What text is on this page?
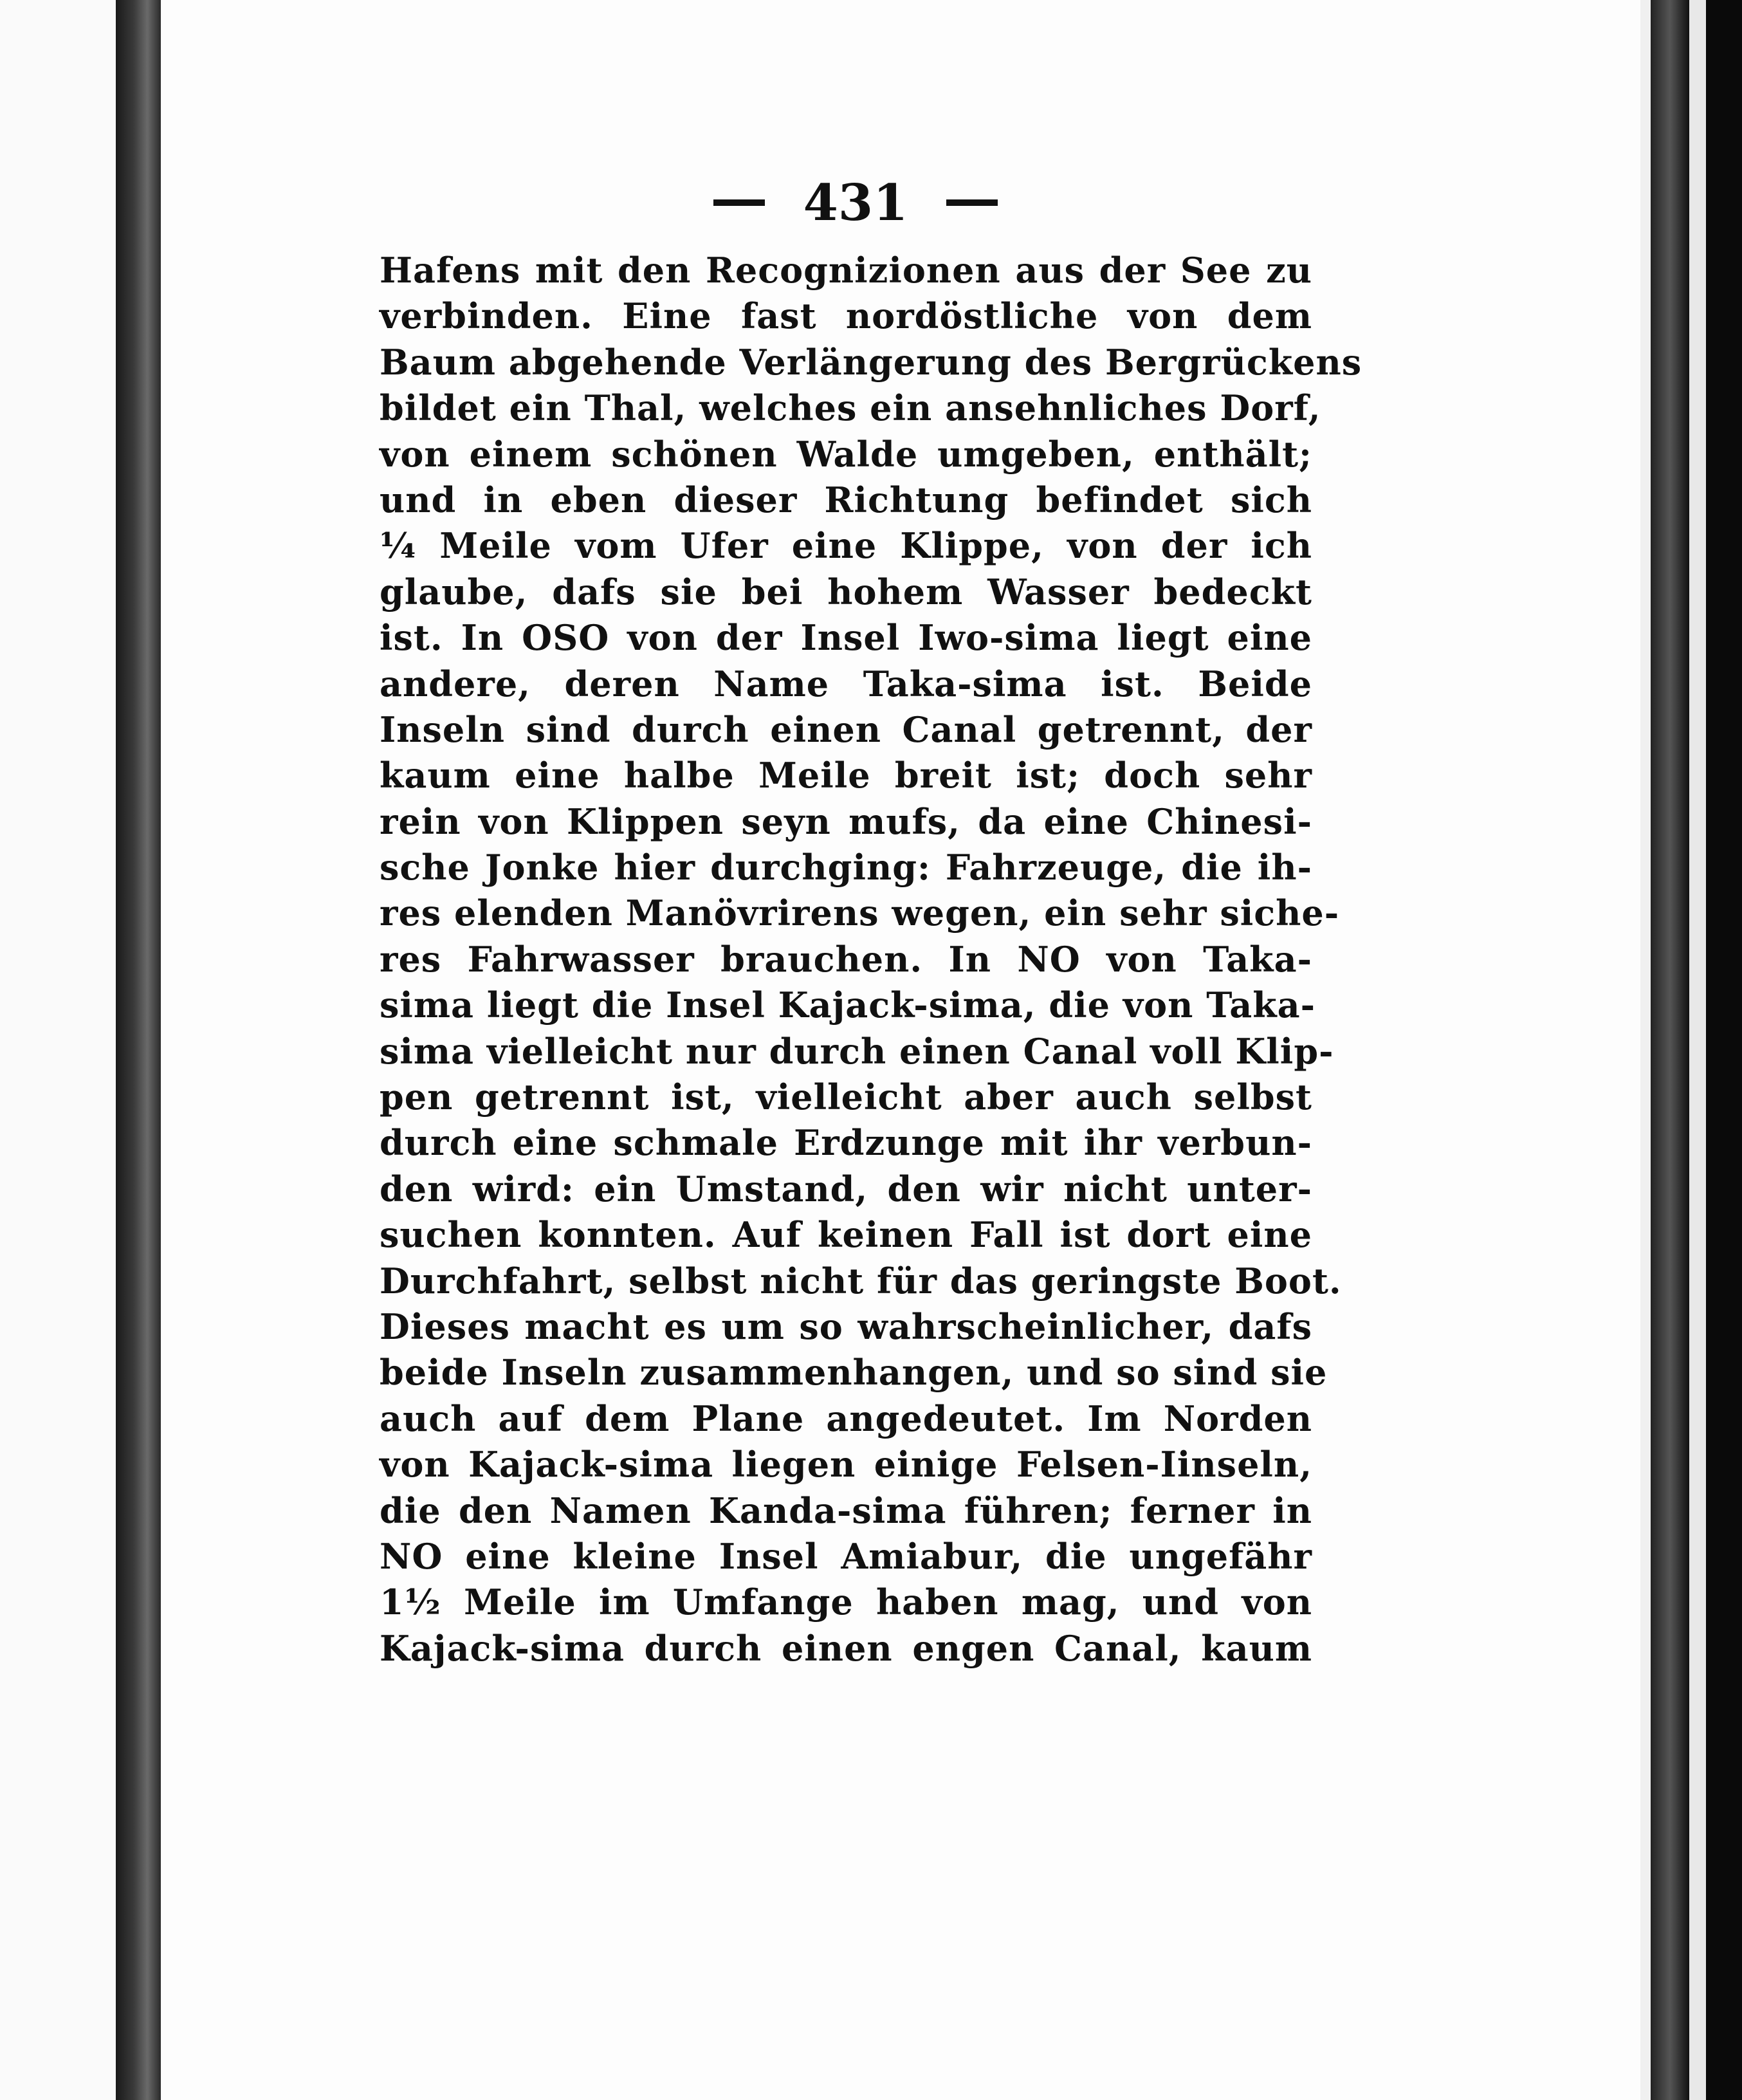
431
Hafens mit den Recognizionen aus der See zu
verbinden. Eine fast nordöstliche von dem
Baum abgehende Verlängerung des Bergrückens
bildet ein Thal, welches ein ansehnliches Dorf,
von einem schönen Walde umgeben, enthält;
und in eben dieser Richtung befindet sich
¼ Meile vom Ufer eine Klippe, von der ich
glaube, dafs sie bei hohem Wasser bedeckt
ist. In OSO von der Insel Iwo-sima liegt eine
andere, deren Name Taka-sima ist. Beide
Inseln sind durch einen Canal getrennt, der
kaum eine halbe Meile breit ist; doch sehr
rein von Klippen seyn mufs, da eine Chinesi-
sche Jonke hier durchging: Fahrzeuge, die ih-
res elenden Manövrirens wegen, ein sehr siche-
res Fahrwasser brauchen. In NO von Taka-
sima liegt die Insel Kajack-sima, die von Taka-
sima vielleicht nur durch einen Canal voll Klip-
pen getrennt ist, vielleicht aber auch selbst
durch eine schmale Erdzunge mit ihr verbun-
den wird: ein Umstand, den wir nicht unter-
suchen konnten. Auf keinen Fall ist dort eine
Durchfahrt, selbst nicht für das geringste Boot.
Dieses macht es um so wahrscheinlicher, dafs
beide Inseln zusammenhangen, und so sind sie
auch auf dem Plane angedeutet. Im Norden
von Kajack-sima liegen einige Felsen-Iinseln,
die den Namen Kanda-sima führen; ferner in
NO eine kleine Insel Amiabur, die ungefähr
1½ Meile im Umfange haben mag, und von
Kajack-sima durch einen engen Canal, kaum
